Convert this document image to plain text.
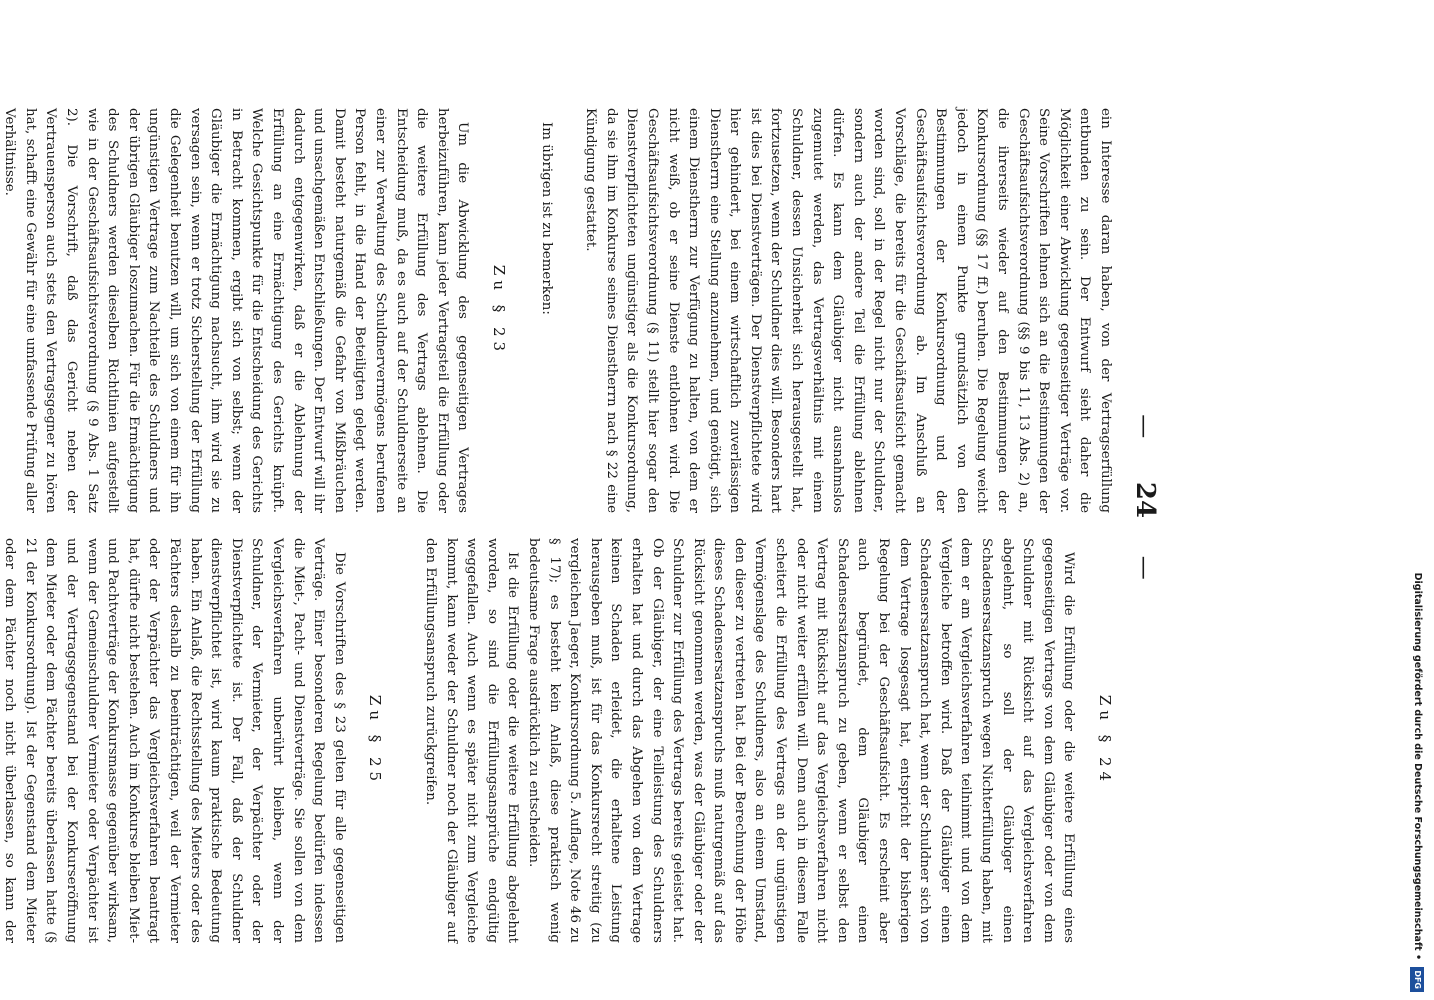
— 24 —

ein Interesse daran haben, von der Vertragserfüllung entbunden zu sein. Der Entwurf sieht daher die Möglichkeit einer Abwicklung gegenseitiger Verträge vor. Seine Vorschriften lehnen sich an die Bestimmungen der Geschäftsaufsichtsverordnung (§§ 9 bis 11, 13 Abs. 2) an, die ihrerseits wieder auf den Bestimmungen der Konkursordnung (§§ 17 ff.) beruhen. Die Regelung weicht jedoch in einem Punkte grundsätzlich von den Bestimmungen der Konkursordnung und der Geschäftsaufsichtsverordnung ab. Im Anschluß an Vorschläge, die bereits für die Geschäftsaufsicht gemacht worden sind, soll in der Regel nicht nur der Schuldner, sondern auch der andere Teil die Erfüllung ablehnen dürfen. Es kann dem Gläubiger nicht ausnahmslos zugemutet werden, das Vertragsverhältnis mit einem Schuldner, dessen Unsicherheit sich herausgestellt hat, fortzusetzen, wenn der Schuldner dies will. Besonders hart ist dies bei Dienstverträgen. Der Dienstverpflichtete wird hier gehindert, bei einem wirtschaftlich zuverlässigen Dienstherrn eine Stellung anzunehmen, und genötigt, sich einem Dienstherrn zur Verfügung zu halten, von dem er nicht weiß, ob er seine Dienste entlohnen wird. Die Geschäftsaufsichtsverordnung (§ 11) stellt hier sogar den Dienstverpflichteten ungünstiger als die Konkursordnung, da sie ihm im Konkurse seines Dienstherrn nach § 22 eine Kündigung gestattet.

Im übrigen ist zu bemerken:

Zu § 23

Um die Abwicklung des gegenseitigen Vertrages herbeizuführen, kann jeder Vertragsteil die Erfüllung oder die weitere Erfüllung des Vertrags ablehnen. Die Entscheidung muß, da es auch auf der Schuldnerseite an einer zur Verwaltung des Schuldnervermögens berufenen Person fehlt, in die Hand der Beteiligten gelegt werden. Damit besteht naturgemäß die Gefahr von Mißbräuchen und unsachgemäßen Entschließungen. Der Entwurf will ihr dadurch entgegenwirken, daß er die Ablehnung der Erfüllung an eine Ermächtigung des Gerichts knüpft. Welche Gesichtspunkte für die Entscheidung des Gerichts in Betracht kommen, ergibt sich von selbst; wenn der Gläubiger die Ermächtigung nachsucht, ihm wird sie zu versagen sein, wenn er trotz Sicherstellung der Erfüllung die Gelegenheit benutzen will, um sich von einem für ihn ungünstigen Vertrage zum Nachteile des Schuldners und der übrigen Gläubiger loszumachen. Für die Ermächtigung des Schuldners werden dieselben Richtlinien aufgestellt wie in der Geschäftsaufsichtsverordnung (§ 9 Abs. 1 Satz 2). Die Vorschrift, daß das Gericht neben der Vertrauensperson auch stets den Vertragsgegner zu hören hat, schafft eine Gewähr für eine umfassende Prüfung aller Verhältnisse.

Zu § 24

Wird die Erfüllung oder die weitere Erfüllung eines gegenseitigen Vertrags von dem Gläubiger oder von dem Schuldner mit Rücksicht auf das Vergleichsverfahren abgelehnt, so soll der Gläubiger einen Schadensersatzanspruch wegen Nichterfüllung haben, mit dem er am Vergleichsverfahren teilnimmt und von dem Vergleiche betroffen wird. Daß der Gläubiger einen Schadensersatzanspruch hat, wenn der Schuldner sich von dem Vertrage losgesagt hat, entspricht der bisherigen Regelung bei der Geschäftsaufsicht. Es erscheint aber auch begründet, dem Gläubiger einen Schadensersatzanspruch zu geben, wenn er selbst den Vertrag mit Rücksicht auf das Vergleichsverfahren nicht oder nicht weiter erfüllen will. Denn auch in diesem Falle scheitert die Erfüllung des Vertrags an der ungünstigen Vermögenslage des Schuldners, also an einem Umstand, den dieser zu vertreten hat. Bei der Berechnung der Höhe dieses Schadensersatzanspruchs muß naturgemäß auf das Rücksicht genommen werden, was der Gläubiger oder der Schuldner zur Erfüllung des Vertrags bereits geleistet hat. Ob der Gläubiger, der eine Teilleistung des Schuldners erhalten hat und durch das Abgehen von dem Vertrage keinen Schaden erleidet, die erhaltene Leistung herausgeben muß, ist für das Konkursrecht streitig (zu vergleichen Jaeger, Konkursordnung 5. Auflage, Note 46 zu § 17); es besteht kein Anlaß, diese praktisch wenig bedeutsame Frage ausdrücklich zu entscheiden.

Ist die Erfüllung oder die weitere Erfüllung abgelehnt worden, so sind die Erfüllungsansprüche endgültig weggefallen. Auch wenn es später nicht zum Vergleiche kommt, kann weder der Schuldner noch der Gläubiger auf den Erfüllungsanspruch zurückgreifen.

Zu § 25

Die Vorschriften des § 23 gelten für alle gegenseitigen Verträge. Einer besonderen Regelung bedürfen indessen die Miet-, Pacht- und Dienstverträge. Sie sollen von dem Vergleichsverfahren unberührt bleiben, wenn der Schuldner, der Vermieter, der Verpächter oder der Dienstverpflichtete ist. Der Fall, daß der Schuldner dienstverpflichtet ist, wird kaum praktische Bedeutung haben. Ein Anlaß, die Rechtsstellung des Mieters oder des Pächters deshalb zu beeinträchtigen, weil der Vermieter oder der Verpächter das Vergleichsverfahren beantragt hat, dürfte nicht bestehen. Auch im Konkurse bleiben Miet- und Pachtverträge der Konkursmasse gegenüber wirksam, wenn der Gemeinschuldner Vermieter oder Verpächter ist und der Vertragsgegenstand bei der Konkurseröffnung dem Mieter oder dem Pächter bereits überlassen hatte (§ 21 der Konkursordnung). Ist der Gegenstand dem Mieter oder dem Pächter noch nicht überlassen, so kann der	Digitalisierung gefördert durch die Deutsche Forschungsgemeinschaft • DFG
